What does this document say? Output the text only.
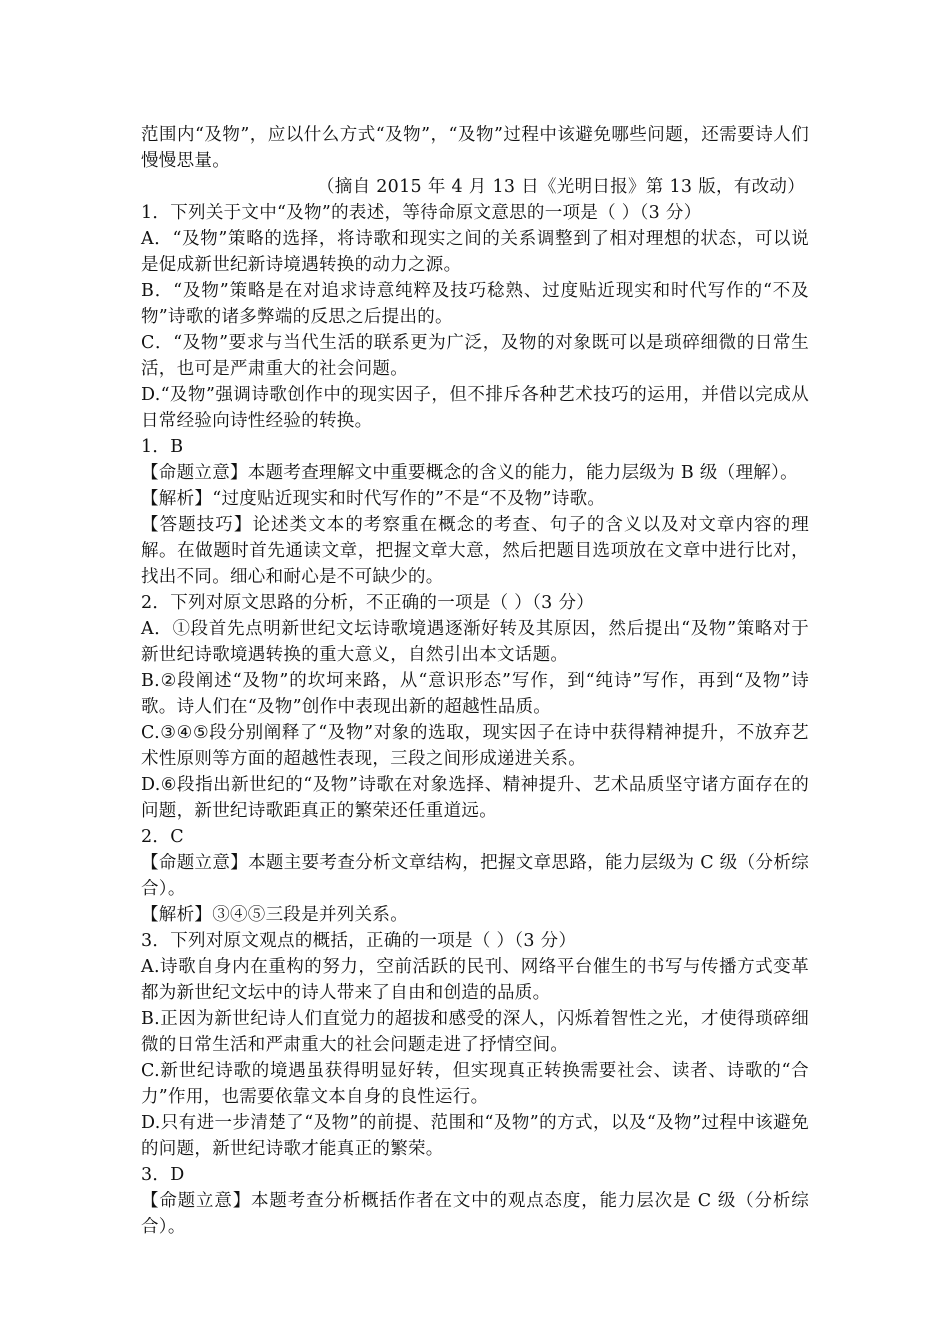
范围内“及物”，应以什么方式“及物”，“及物”过程中该避免哪些问题，还需要诗人们慢慢思量。

（摘自 2015 年 4 月 13 日《光明日报》第 13 版，有改动）

1．下列关于文中“及物”的表述，等待命原文意思的一项是（ ）（3 分）

A．“及物”策略的选择，将诗歌和现实之间的关系调整到了相对理想的状态，可以说是促成新世纪新诗境遇转换的动力之源。

B．“及物”策略是在对追求诗意纯粹及技巧稔熟、过度贴近现实和时代写作的“不及物”诗歌的诸多弊端的反思之后提出的。

C．“及物”要求与当代生活的联系更为广泛，及物的对象既可以是琐碎细微的日常生活，也可是严肃重大的社会问题。

D.“及物”强调诗歌创作中的现实因子，但不排斥各种艺术技巧的运用，并借以完成从日常经验向诗性经验的转换。

1．B

【命题立意】本题考查理解文中重要概念的含义的能力，能力层级为 B 级（理解）。

【解析】“过度贴近现实和时代写作的”不是“不及物”诗歌。

【答题技巧】论述类文本的考察重在概念的考查、句子的含义以及对文章内容的理解。在做题时首先通读文章，把握文章大意，然后把题目选项放在文章中进行比对，找出不同。细心和耐心是不可缺少的。

2．下列对原文思路的分析，不正确的一项是（ ）（3 分）

A．①段首先点明新世纪文坛诗歌境遇逐渐好转及其原因，然后提出“及物”策略对于新世纪诗歌境遇转换的重大意义，自然引出本文话题。

B.②段阐述“及物”的坎坷来路，从“意识形态”写作，到“纯诗”写作，再到“及物”诗歌。诗人们在“及物”创作中表现出新的超越性品质。

C.③④⑤段分别阐释了“及物”对象的选取，现实因子在诗中获得精神提升，不放弃艺术性原则等方面的超越性表现，三段之间形成递进关系。

D.⑥段指出新世纪的“及物”诗歌在对象选择、精神提升、艺术品质坚守诸方面存在的问题，新世纪诗歌距真正的繁荣还任重道远。

2．C

【命题立意】本题主要考查分析文章结构，把握文章思路，能力层级为 C 级（分析综合）。

【解析】③④⑤三段是并列关系。

3．下列对原文观点的概括，正确的一项是（ ）（3 分）

A.诗歌自身内在重构的努力，空前活跃的民刊、网络平台催生的书写与传播方式变革都为新世纪文坛中的诗人带来了自由和创造的品质。

B.正因为新世纪诗人们直觉力的超拔和感受的深人，闪烁着智性之光，才使得琐碎细微的日常生活和严肃重大的社会问题走进了抒情空间。

C.新世纪诗歌的境遇虽获得明显好转，但实现真正转换需要社会、读者、诗歌的“合力”作用，也需要依靠文本自身的良性运行。

D.只有进一步清楚了“及物”的前提、范围和“及物”的方式，以及“及物”过程中该避免的问题，新世纪诗歌才能真正的繁荣。

3．D

【命题立意】本题考查分析概括作者在文中的观点态度，能力层次是 C 级（分析综合）。
